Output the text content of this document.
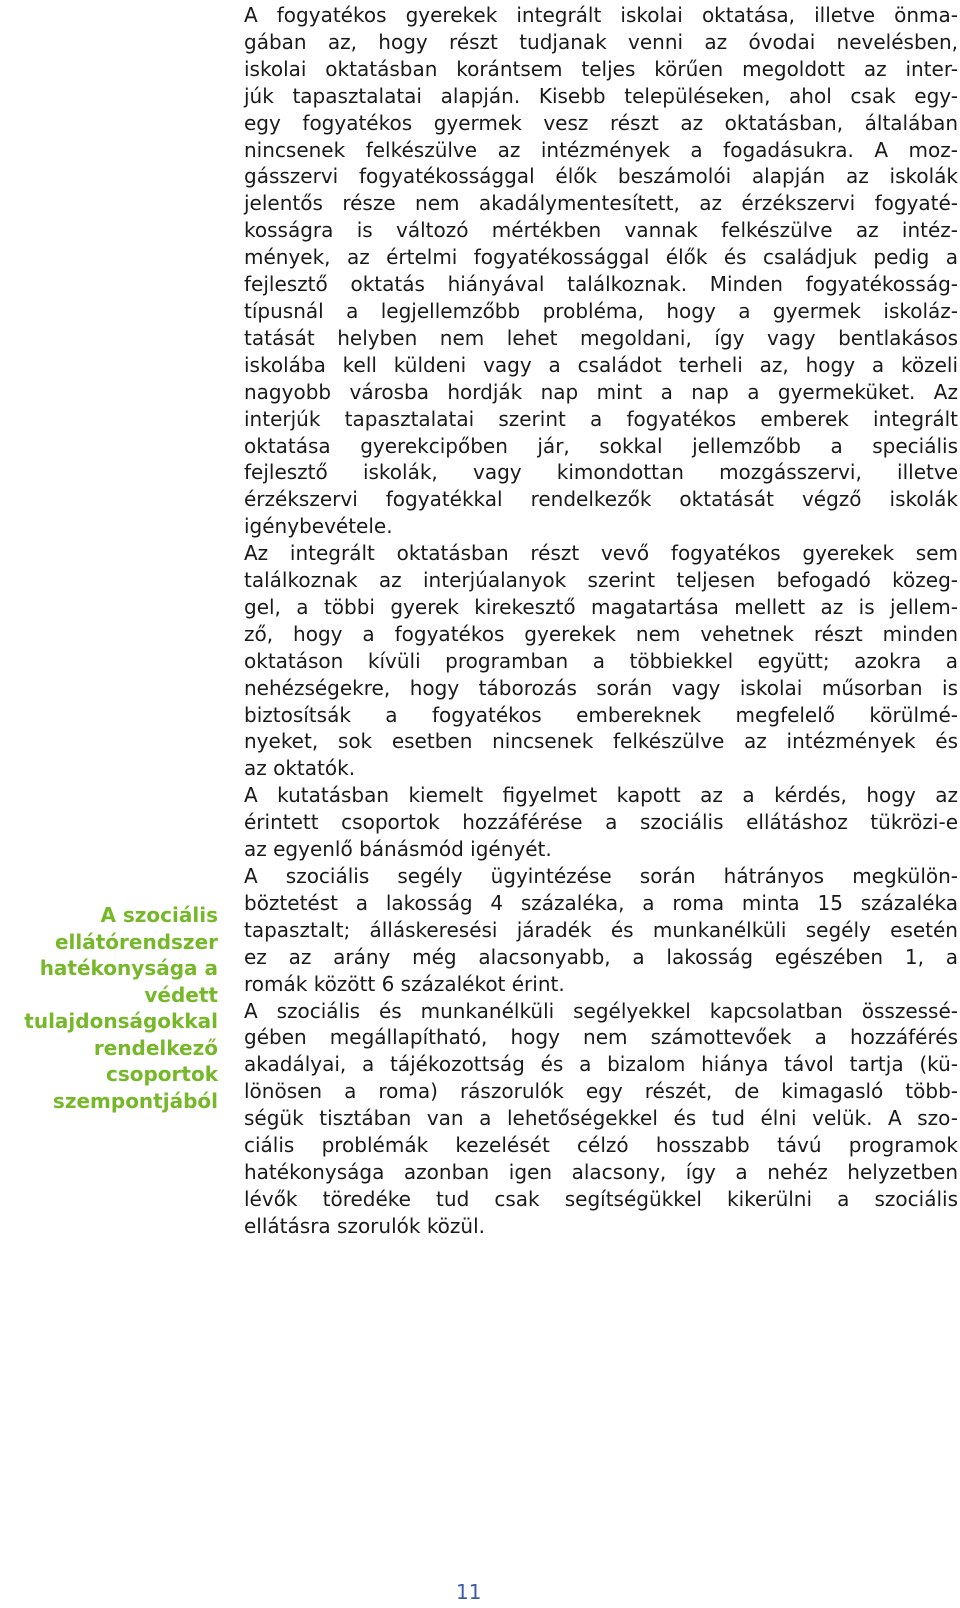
A szociális
ellátórendszer
hatékonysága a
védett
tulajdonságokkal
rendelkező
csoportok
szempontjából

A fogyatékos gyerekek integrált iskolai oktatása, illetve önma-
gában az, hogy részt tudjanak venni az óvodai nevelésben,
iskolai oktatásban korántsem teljes körűen megoldott az inter-
júk tapasztalatai alapján. Kisebb településeken, ahol csak egy-
egy fogyatékos gyermek vesz részt az oktatásban, általában
nincsenek felkészülve az intézmények a fogadásukra. A moz-
gásszervi fogyatékossággal élők beszámolói alapján az iskolák
jelentős része nem akadálymentesített, az érzékszervi fogyaté-
kosságra is változó mértékben vannak felkészülve az intéz-
mények, az értelmi fogyatékossággal élők és családjuk pedig a
fejlesztő oktatás hiányával találkoznak. Minden fogyatékosság-
típusnál a legjellemzőbb probléma, hogy a gyermek iskoláz-
tatását helyben nem lehet megoldani, így vagy bentlakásos
iskolába kell küldeni vagy a családot terheli az, hogy a közeli
nagyobb városba hordják nap mint a nap a gyermeküket. Az
interjúk tapasztalatai szerint a fogyatékos emberek integrált
oktatása gyerekcipőben jár, sokkal jellemzőbb a speciális
fejlesztő iskolák, vagy kimondottan mozgásszervi, illetve
érzékszervi fogyatékkal rendelkezők oktatását végző iskolák
igénybevétele.

Az integrált oktatásban részt vevő fogyatékos gyerekek sem
találkoznak az interjúalanyok szerint teljesen befogadó közeg-
gel, a többi gyerek kirekesztő magatartása mellett az is jellem-
ző, hogy a fogyatékos gyerekek nem vehetnek részt minden
oktatáson kívüli programban a többiekkel együtt; azokra a
nehézségekre, hogy táborozás során vagy iskolai műsorban is
biztosítsák a fogyatékos embereknek megfelelő körülmé-
nyeket, sok esetben nincsenek felkészülve az intézmények és
az oktatók.

A kutatásban kiemelt figyelmet kapott az a kérdés, hogy az
érintett csoportok hozzáférése a szociális ellátáshoz tükrözi-e
az egyenlő bánásmód igényét.

A szociális segély ügyintézése során hátrányos megkülön-
böztetést a lakosság 4 százaléka, a roma minta 15 százaléka
tapasztalt; álláskeresési járadék és munkanélküli segély esetén
ez az arány még alacsonyabb, a lakosság egészében 1, a
romák között 6 százalékot érint.

A szociális és munkanélküli segélyekkel kapcsolatban összessé-
gében megállapítható, hogy nem számottevőek a hozzáférés
akadályai, a tájékozottság és a bizalom hiánya távol tartja (kü-
lönösen a roma) rászorulók egy részét, de kimagasló több-
ségük tisztában van a lehetőségekkel és tud élni velük. A szo-
ciális problémák kezelését célzó hosszabb távú programok
hatékonysága azonban igen alacsony, így a nehéz helyzetben
lévők töredéke tud csak segítségükkel kikerülni a szociális
ellátásra szorulók közül.

11
